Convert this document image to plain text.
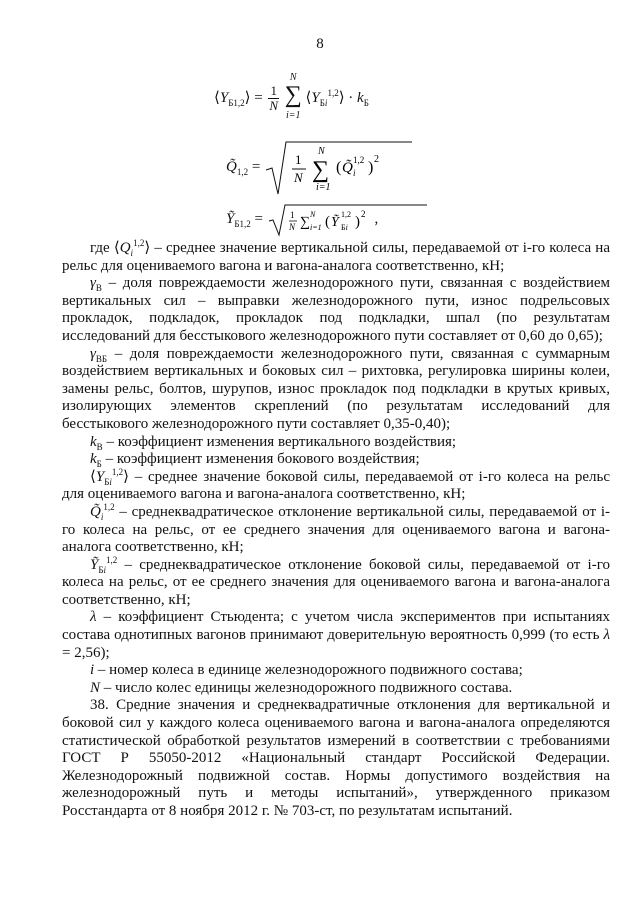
8
$⟨Y_{Б1,2}⟩ = \frac{1}{N}$ ∑
N
i=1
$⟨Y_{Бi}^{1,2}⟩ \cdot k_Б$
$Q̃_{1,2} = 1$
N ∑
N
i=1
( Q̃ i
1,2 ) 2
Ỹ$_{Б1,2}$ =	1
N ∑
N
i=1 ( Ỹ Бi
1,2 ) 2 ,

где $⟨Q_i^{1,2}⟩$ – среднее значение вертикальной силы, передаваемой от i-го колеса на рельс для оцениваемого вагона и вагона-аналога соответственно, кН;

$\gamma_В$ – доля повреждаемости железнодорожного пути, связанная с воздействием вертикальных сил – выправки железнодорожного пути, износ подрельсовых прокладок, подкладок, прокладок под подкладки, шпал (по результатам исследований для бесстыкового железнодорожного пути составляет от 0,60 до 0,65);

$\gamma_{ВБ}$ – доля повреждаемости железнодорожного пути, связанная с суммарным воздействием вертикальных и боковых сил – рихтовка, регулировка ширины колеи, замены рельс, болтов, шурупов, износ прокладок под подкладки в крутых кривых, изолирующих элементов скреплений (по результатам исследований для бесстыкового железнодорожного пути составляет 0,35-0,40);

$k_В$ – коэффициент изменения вертикального воздействия;

$k_Б$ – коэффициент изменения бокового воздействия;

$⟨Y_{Бi}^{1,2}⟩$ – среднее значение боковой силы, передаваемой от i-го колеса на рельс для оцениваемого вагона и вагона-аналога соответственно, кН;

$Q̃_i^{1,2}$ – среднеквадратическое отклонение вертикальной силы, передаваемой от i-го колеса на рельс, от ее среднего значения для оцениваемого вагона и вагона-аналога соответственно, кН;

Ỹ$_{Бi}^{1,2}$ – среднеквадратическое отклонение боковой силы, передаваемой от i-го колеса на рельс, от ее среднего значения для оцениваемого вагона и вагона-аналога соответственно, кН;

λ – коэффициент Стьюдента; с учетом числа экспериментов при испытаниях состава однотипных вагонов принимают доверительную вероятность 0,999 (то есть λ = 2,56);

i – номер колеса в единице железнодорожного подвижного состава;

N – число колес единицы железнодорожного подвижного состава.

38. Средние значения и среднеквадратичные отклонения для вертикальной и боковой сил у каждого колеса оцениваемого вагона и вагона-аналога определяются статистической обработкой результатов измерений в соответствии с требованиями ГОСТ Р 55050-2012 «Национальный стандарт Российской Федерации. Железнодорожный подвижной состав. Нормы допустимого воздействия на железнодорожный путь и методы испытаний», утвержденного приказом Росстандарта от 8 ноября 2012 г. № 703-ст, по результатам испытаний.
